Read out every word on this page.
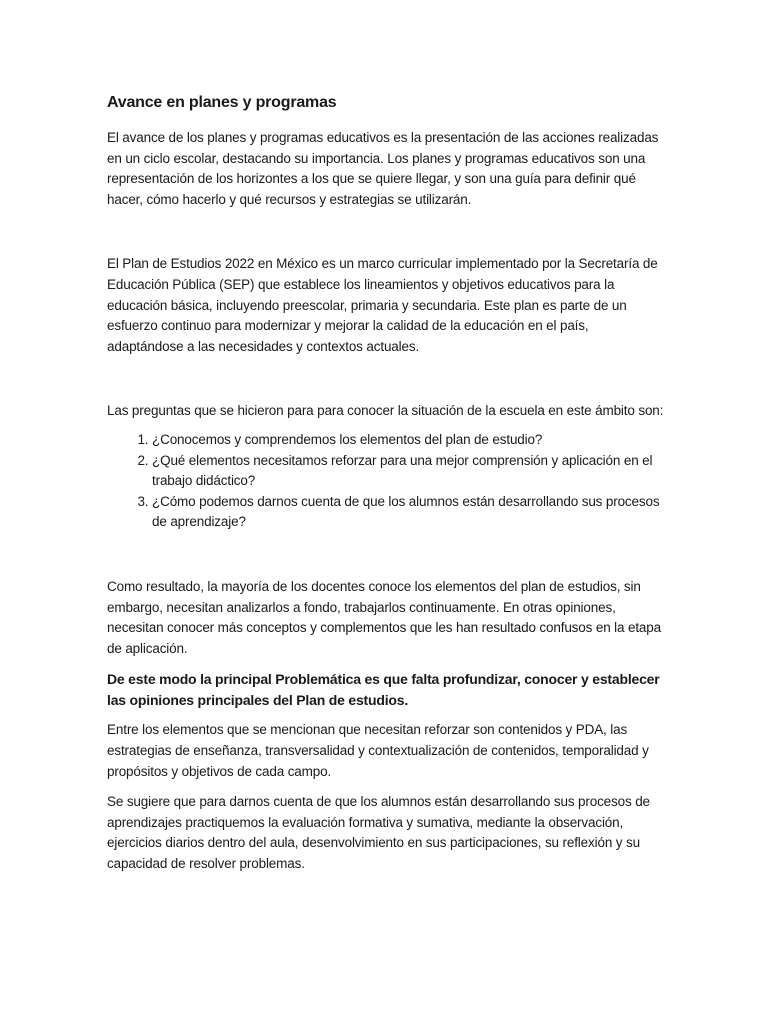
Avance en planes y programas

El avance de los planes y programas educativos es la presentación de las acciones realizadas en un ciclo escolar, destacando su importancia. Los planes y programas educativos son una representación de los horizontes a los que se quiere llegar, y son una guía para definir qué hacer, cómo hacerlo y qué recursos y estrategias se utilizarán.

El Plan de Estudios 2022 en México es un marco curricular implementado por la Secretaría de Educación Pública (SEP) que establece los lineamientos y objetivos educativos para la educación básica, incluyendo preescolar, primaria y secundaria. Este plan es parte de un esfuerzo continuo para modernizar y mejorar la calidad de la educación en el país, adaptándose a las necesidades y contextos actuales.

Las preguntas que se hicieron para para conocer la situación de la escuela en este ámbito son:

1. ¿Conocemos y comprendemos los elementos del plan de estudio?
2. ¿Qué elementos necesitamos reforzar para una mejor comprensión y aplicación en el trabajo didáctico?
3. ¿Cómo podemos darnos cuenta de que los alumnos están desarrollando sus procesos de aprendizaje?

Como resultado, la mayoría de los docentes conoce los elementos del plan de estudios, sin embargo, necesitan analizarlos a fondo, trabajarlos continuamente. En otras opiniones, necesitan conocer más conceptos y complementos que les han resultado confusos en la etapa de aplicación.

De este modo la principal Problemática es que falta profundizar, conocer y establecer las opiniones principales del Plan de estudios.

Entre los elementos que se mencionan que necesitan reforzar son contenidos y PDA, las estrategias de enseñanza, transversalidad y contextualización de contenidos, temporalidad y propósitos y objetivos de cada campo.

Se sugiere que para darnos cuenta de que los alumnos están desarrollando sus procesos de aprendizajes practiquemos la evaluación formativa y sumativa, mediante la observación, ejercicios diarios dentro del aula, desenvolvimiento en sus participaciones, su reflexión y su capacidad de resolver problemas.
